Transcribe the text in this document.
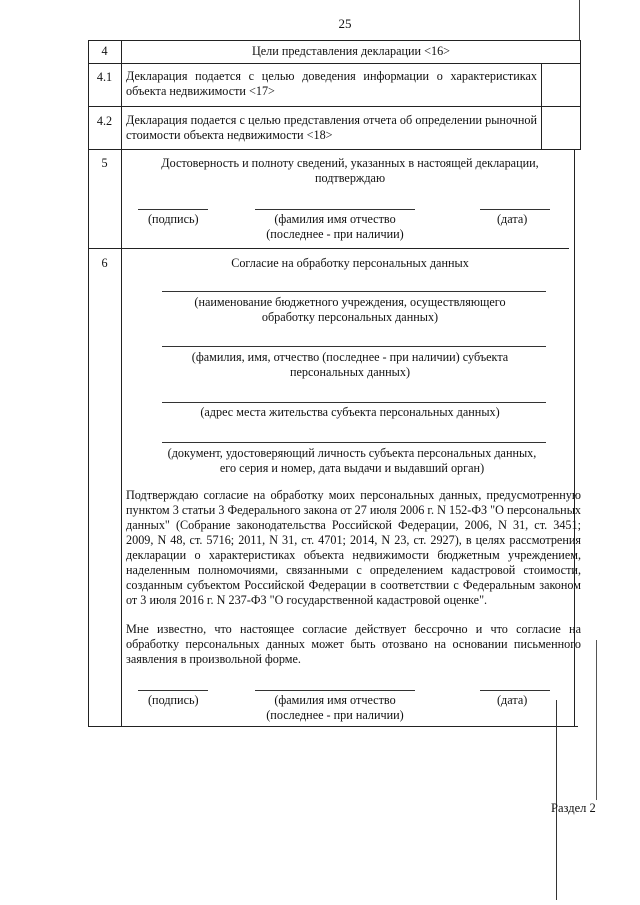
25
4	Цели представления декларации <16>
4.1	Декларация подается с целью доведения информации о характеристиках объекта недвижимости <17>
4.2	Декларация подается с целью представления отчета об определении рыночной стоимости объекта недвижимости <18>
5	Достоверность и полноту сведений, указанных в настоящей декларации, подтверждаю
(подпись)	(фамилия имя отчество
(последнее - при наличии)
(дата)
6	Согласие на обработку персональных данных
(наименование бюджетного учреждения, осуществляющего
обработку персональных данных)
(фамилия, имя, отчество (последнее - при наличии) субъекта
персональных данных)
(адрес места жительства субъекта персональных данных)
(документ, удостоверяющий личность субъекта персональных данных,
его серия и номер, дата выдачи и выдавший орган)
Подтверждаю согласие на обработку моих персональных данных, предусмотренную пунктом 3 статьи 3 Федерального закона от 27 июля 2006 г. N 152-ФЗ "О персональных данных" (Собрание законодательства Российской Федерации, 2006, N 31, ст. 3451; 2009, N 48, ст. 5716; 2011, N 31, ст. 4701; 2014, N 23, ст. 2927), в целях рассмотрения декларации о характеристиках объекта недвижимости бюджетным учреждением, наделенным полномочиями, связанными с определением кадастровой стоимости, созданным субъектом Российской Федерации в соответствии с Федеральным законом от 3 июля 2016 г. N 237-ФЗ "О государственной кадастровой оценке".
Мне известно, что настоящее согласие действует бессрочно и что согласие на обработку персональных данных может быть отозвано на основании письменного заявления в произвольной форме.
(подпись)	(фамилия имя отчество
(последнее - при наличии)
(дата)
Раздел 2
